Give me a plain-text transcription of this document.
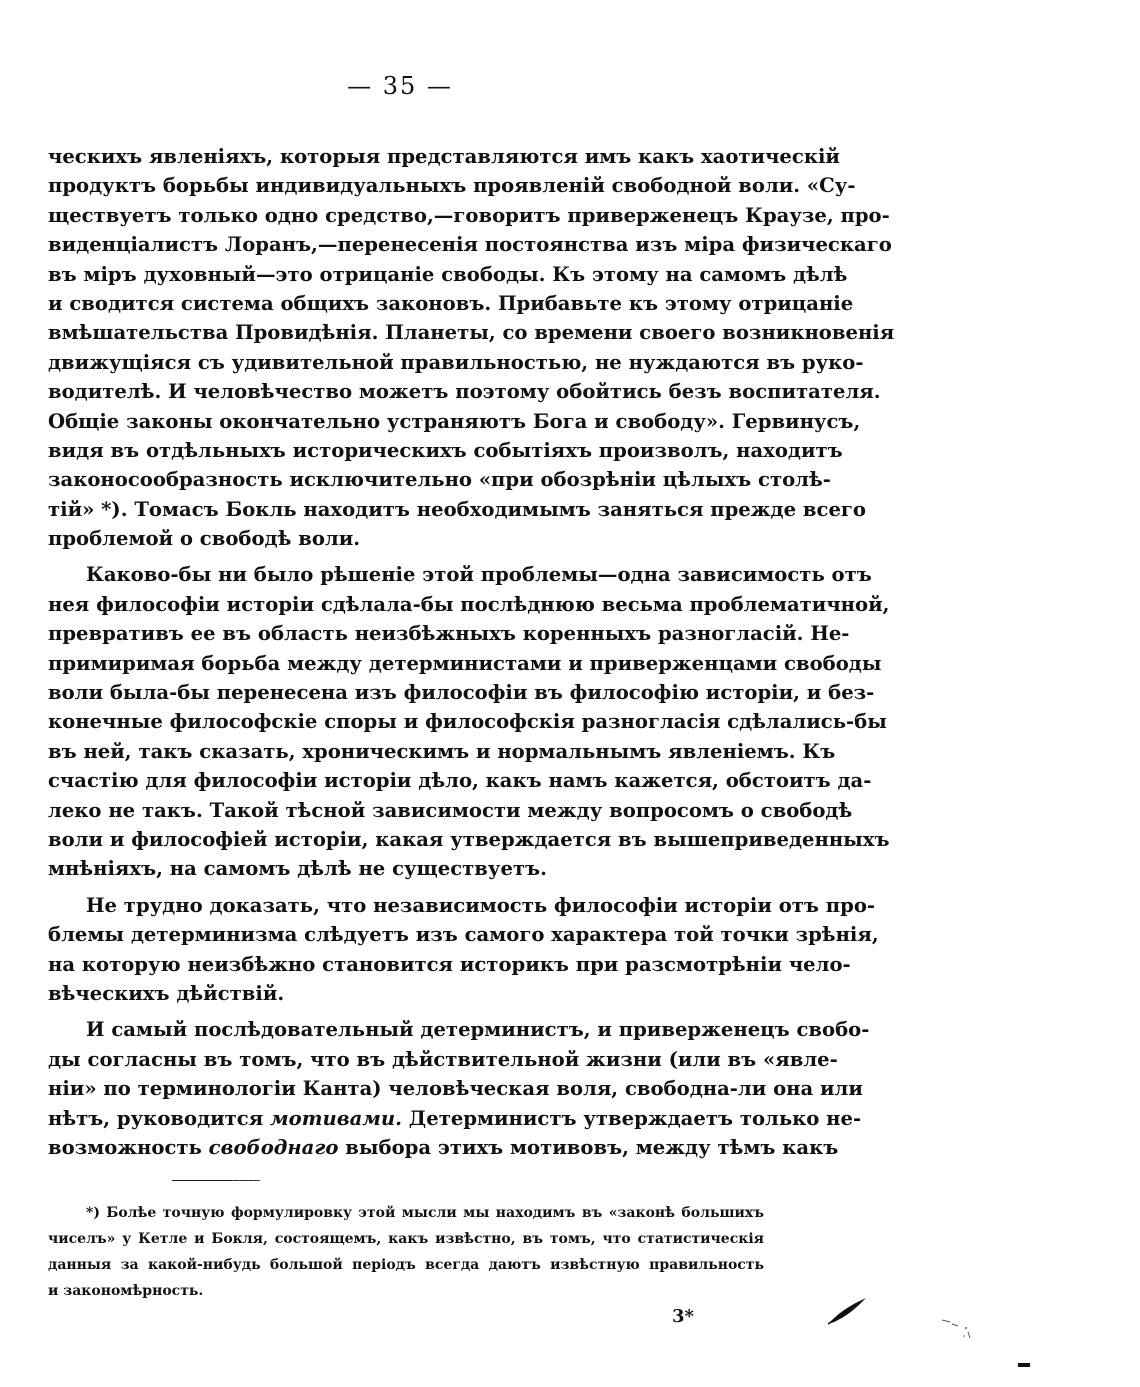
— 35 —
ческихъ явленіяхъ, которыя представляются имъ какъ хаотическій
продуктъ борьбы индивидуальныхъ проявленій свободной воли. «Су-
ществуетъ только одно средство,—говоритъ приверженецъ Краузе, про-
виденціалистъ Лоранъ,—перенесенія постоянства изъ міра физическаго
въ міръ духовный—это отрицаніе свободы. Къ этому на самомъ дѣлѣ
и сводится система общихъ законовъ. Прибавьте къ этому отрицаніе
вмѣшательства Провидѣнія. Планеты, со времени своего возникновенія
движущіяся съ удивительной правильностью, не нуждаются въ руко-
водителѣ. И человѣчество можетъ поэтому обойтись безъ воспитателя.
Общіе законы окончательно устраняютъ Бога и свободу». Гервинусъ,
видя въ отдѣльныхъ историческихъ событіяхъ произволъ, находитъ
законосообразность исключительно «при обозрѣніи цѣлыхъ столѣ-
тій» *). Томасъ Бокль находитъ необходимымъ заняться прежде всего
проблемой о свободѣ воли.
Каково-бы ни было рѣшеніе этой проблемы—одна зависимость отъ
нея философіи исторіи сдѣлала-бы послѣднюю весьма проблематичной,
превративъ ее въ область неизбѣжныхъ коренныхъ разногласій. Не-
примиримая борьба между детерминистами и приверженцами свободы
воли была-бы перенесена изъ философіи въ философію исторіи, и без-
конечные философскіе споры и философскія разногласія сдѣлались-бы
въ ней, такъ сказать, хроническимъ и нормальнымъ явленіемъ. Къ
счастію для философіи исторіи дѣло, какъ намъ кажется, обстоитъ да-
леко не такъ. Такой тѣсной зависимости между вопросомъ о свободѣ
воли и философіей исторіи, какая утверждается въ вышеприведенныхъ
мнѣніяхъ, на самомъ дѣлѣ не существуетъ.
Не трудно доказать, что независимость философіи исторіи отъ про-
блемы детерминизма слѣдуетъ изъ самого характера той точки зрѣнія,
на которую неизбѣжно становится историкъ при разсмотрѣніи чело-
вѣческихъ дѣйствій.
И самый послѣдовательный детерминистъ, и приверженецъ свобо-
ды согласны въ томъ, что въ дѣйствительной жизни (или въ «явле-
ніи» по терминологіи Канта) человѣческая воля, свободна-ли она или
нѣтъ, руководится мотивами. Детерминистъ утверждаетъ только не-
возможность свободнаго выбора этихъ мотивовъ, между тѣмъ какъ
*) Болѣе точную формулировку этой мысли мы находимъ въ «законѣ большихъ
чиселъ» у Кетле и Бокля, состоящемъ, какъ извѣстно, въ томъ, что статистическія
данныя за какой-нибудь большой періодъ всегда даютъ извѣстную правильность
и закономѣрность.
3*
